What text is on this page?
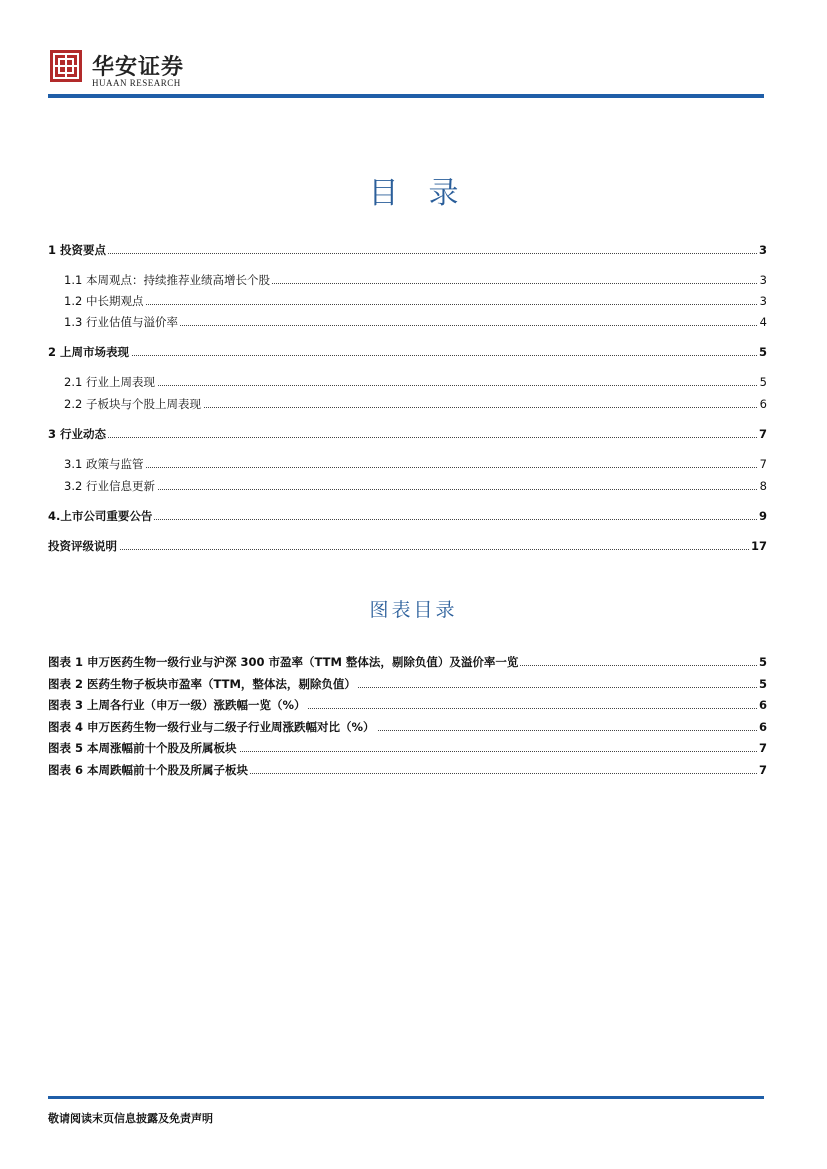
华安证券
HUAAN RESEARCH
目录
1 投资要点	3
1.1 本周观点：持续推荐业绩高增长个股	3
1.2 中长期观点	3
1.3 行业估值与溢价率	4
2 上周市场表现	5
2.1 行业上周表现	5
2.2 子板块与个股上周表现	6
3 行业动态	7
3.1 政策与监管	7
3.2 行业信息更新	8
4.上市公司重要公告	9
投资评级说明	17
图表目录
图表 1 申万医药生物一级行业与沪深 300 市盈率（TTM 整体法，剔除负值）及溢价率一览	5
图表 2 医药生物子板块市盈率（TTM，整体法，剔除负值）	5
图表 3 上周各行业（申万一级）涨跌幅一览（%）	6
图表 4 申万医药生物一级行业与二级子行业周涨跌幅对比（%）	6
图表 5 本周涨幅前十个股及所属板块	7
图表 6 本周跌幅前十个股及所属子板块	7
敬请阅读末页信息披露及免责声明
